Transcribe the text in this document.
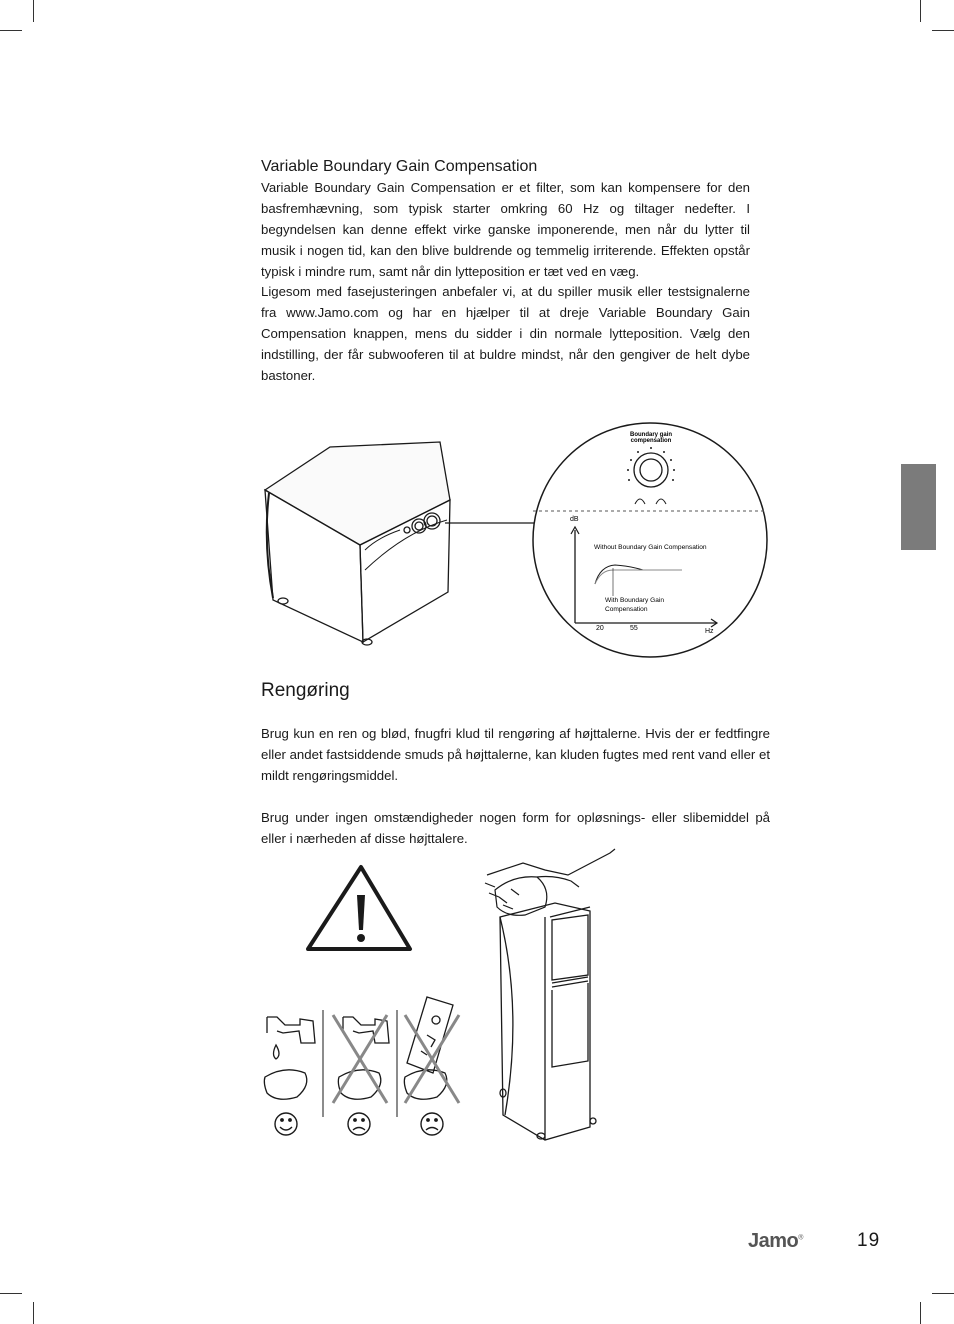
Variable Boundary Gain Compensation

Variable Boundary Gain Compensation er et filter, som kan kompensere for den basfremhævning, som typisk starter omkring 60 Hz og tiltager nedefter. I begyndelsen kan denne effekt virke ganske imponerende, men når du lytter til musik i nogen tid, kan den blive buldrende og temmelig irriterende. Effekten opstår typisk i mindre rum, samt når din lytteposition er tæt ved en væg.

Ligesom med fasejusteringen anbefaler vi, at du spiller musik eller testsignalerne fra www.Jamo.com og har en hjælper til at dreje Variable Boundary Gain Compensation knappen, mens du sidder i din normale lytteposition. Vælg den indstilling, der får subwooferen til at buldre mindst, når den gengiver de helt dybe bastoner.

Boundary gain
compensation
dB
Hz
20	55
Without Boundary Gain Compensation
With Boundary Gain
Compensation
Rengøring

Brug kun en ren og blød, fnugfri klud til rengøring af højttalerne. Hvis der er fedtfingre eller andet fastsiddende smuds på højttalerne, kan kluden fugtes med rent vand eller et mildt rengøringsmiddel.

Brug under ingen omstændigheder nogen form for opløsnings- eller slibemiddel på eller i nærheden af disse højttalere.

Jamo®	19
